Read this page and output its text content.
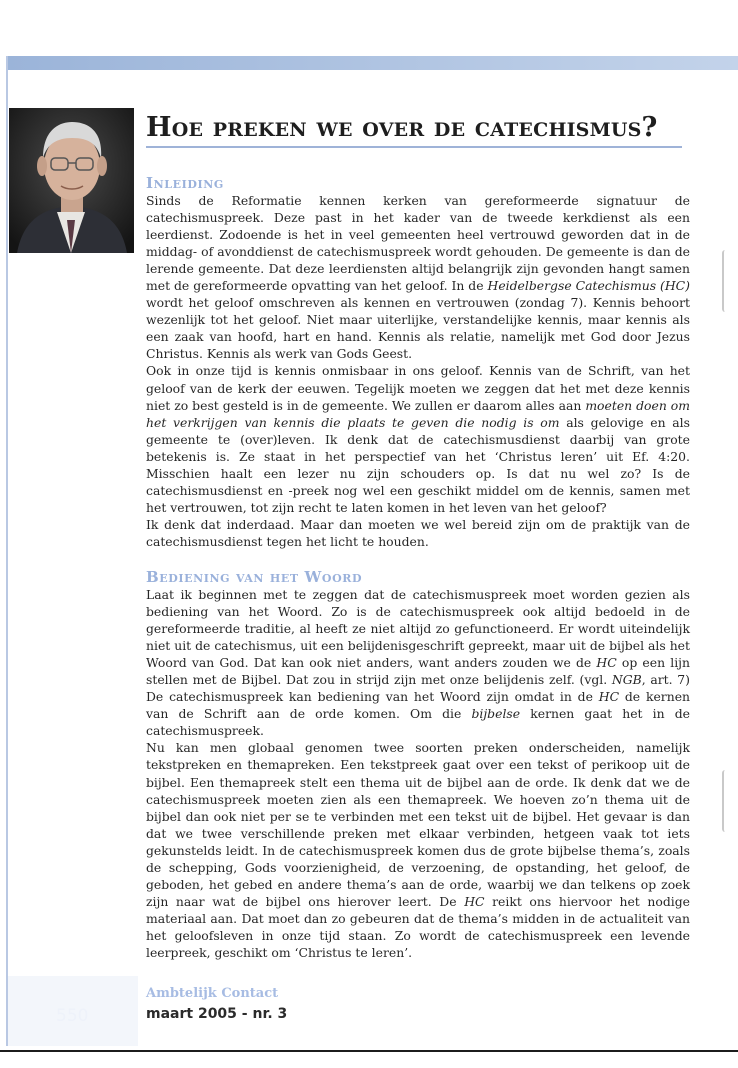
Hoe preken we over de catechismus?
Inleiding

Sinds de Reformatie kennen kerken van gereformeerde signatuur de catechismuspreek. Deze past in het kader van de tweede kerkdienst als een leerdienst. Zodoende is het in veel gemeenten heel vertrouwd geworden dat in de middag- of avonddienst de catechismuspreek wordt gehouden. De gemeente is dan de lerende gemeente. Dat deze leerdiensten altijd belangrijk zijn gevonden hangt samen met de gereformeerde opvatting van het geloof. In de Heidelbergse Catechismus (HC) wordt het geloof omschreven als kennen en vertrouwen (zondag 7). Kennis behoort wezenlijk tot het geloof. Niet maar uiterlijke, verstandelijke kennis, maar kennis als een zaak van hoofd, hart en hand. Kennis als relatie, namelijk met God door Jezus Christus. Kennis als werk van Gods Geest.

Ook in onze tijd is kennis onmisbaar in ons geloof. Kennis van de Schrift, van het geloof van de kerk der eeuwen. Tegelijk moeten we zeggen dat het met deze kennis niet zo best gesteld is in de gemeente. We zullen er daarom alles aan moeten doen om het verkrijgen van kennis die plaats te geven die nodig is om als gelovige en als gemeente te (over)leven. Ik denk dat de catechismusdienst daarbij van grote betekenis is. Ze staat in het perspectief van het ‘Christus leren’ uit Ef. 4:20. Misschien haalt een lezer nu zijn schouders op. Is dat nu wel zo? Is de catechismusdienst en -preek nog wel een geschikt middel om de kennis, samen met het vertrouwen, tot zijn recht te laten komen in het leven van het geloof?

Ik denk dat inderdaad. Maar dan moeten we wel bereid zijn om de praktijk van de catechismusdienst tegen het licht te houden.

Bediening van het Woord

Laat ik beginnen met te zeggen dat de catechismuspreek moet worden gezien als bediening van het Woord. Zo is de catechismuspreek ook altijd bedoeld in de gereformeerde traditie, al heeft ze niet altijd zo gefunctioneerd. Er wordt uiteindelijk niet uit de catechismus, uit een belijdenisgeschrift gepreekt, maar uit de bijbel als het Woord van God. Dat kan ook niet anders, want anders zouden we de HC op een lijn stellen met de Bijbel. Dat zou in strijd zijn met onze belijdenis zelf. (vgl. NGB, art. 7) De catechismuspreek kan bediening van het Woord zijn omdat in de HC de kernen van de Schrift aan de orde komen. Om die bijbelse kernen gaat het in de catechismuspreek.

Nu kan men globaal genomen twee soorten preken onderscheiden, namelijk tekstpreken en themapreken. Een tekstpreek gaat over een tekst of perikoop uit de bijbel. Een themapreek stelt een thema uit de bijbel aan de orde. Ik denk dat we de catechismuspreek moeten zien als een themapreek. We hoeven zo’n thema uit de bijbel dan ook niet per se te verbinden met een tekst uit de bijbel. Het gevaar is dan dat we twee verschillende preken met elkaar verbinden, hetgeen vaak tot iets gekunstelds leidt. In de catechismuspreek komen dus de grote bijbelse thema’s, zoals de schepping, Gods voorzienigheid, de verzoening, de opstanding, het geloof, de geboden, het gebed en andere thema’s aan de orde, waarbij we dan telkens op zoek zijn naar wat de bijbel ons hierover leert. De HC reikt ons hiervoor het nodige materiaal aan. Dat moet dan zo gebeuren dat de thema’s midden in de actualiteit van het geloofsleven in onze tijd staan. Zo wordt de catechismuspreek een levende leerpreek, geschikt om ‘Christus te leren’.

550
Ambtelijk Contact
maart 2005 - nr. 3
